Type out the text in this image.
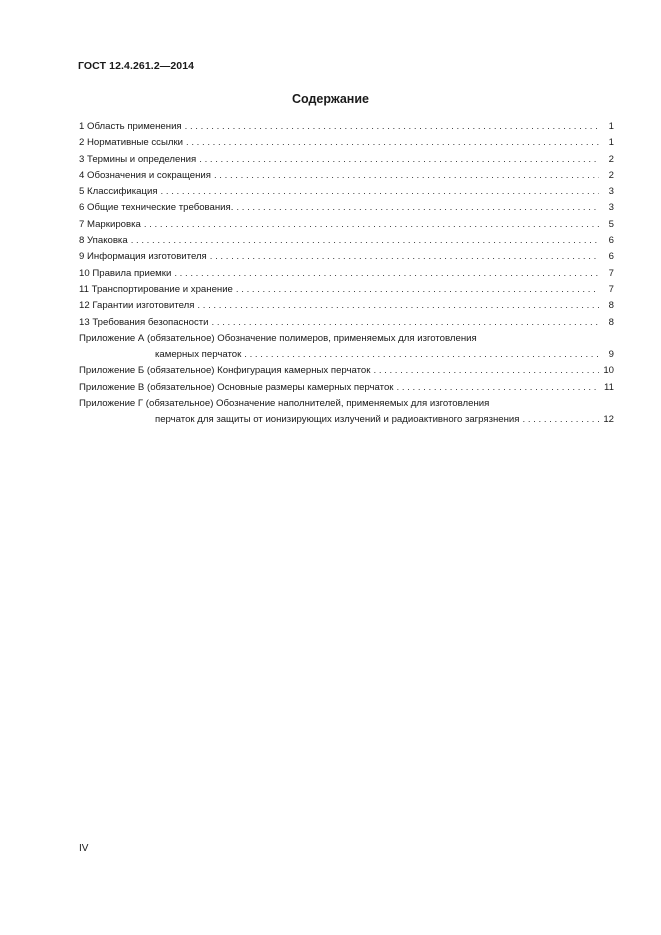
ГОСТ 12.4.261.2—2014
Содержание
1 Область применения . . .	1
2 Нормативные ссылки . . .	1
3 Термины и определения . . .	2
4 Обозначения и сокращения . . .	2
5 Классификация . . .	3
6 Общие технические требования. . . .	3
7 Маркировка . . .	5
8 Упаковка . . .	6
9 Информация изготовителя . . .	6
10 Правила приемки . . .	7
11 Транспортирование и хранение . . .	7
12 Гарантии изготовителя . . .	8
13 Требования безопасности . . .	8
Приложение А (обязательное) Обозначение полимеров, применяемых для изготовления
камерных перчаток . . .	9
Приложение Б (обязательное) Конфигурация камерных перчаток . . .	10
Приложение В (обязательное) Основные размеры камерных перчаток . . .	11
Приложение Г (обязательное) Обозначение наполнителей, применяемых для изготовления
перчаток для защиты от ионизирующих излучений и радиоактивного загрязнения . . .	12
IV
